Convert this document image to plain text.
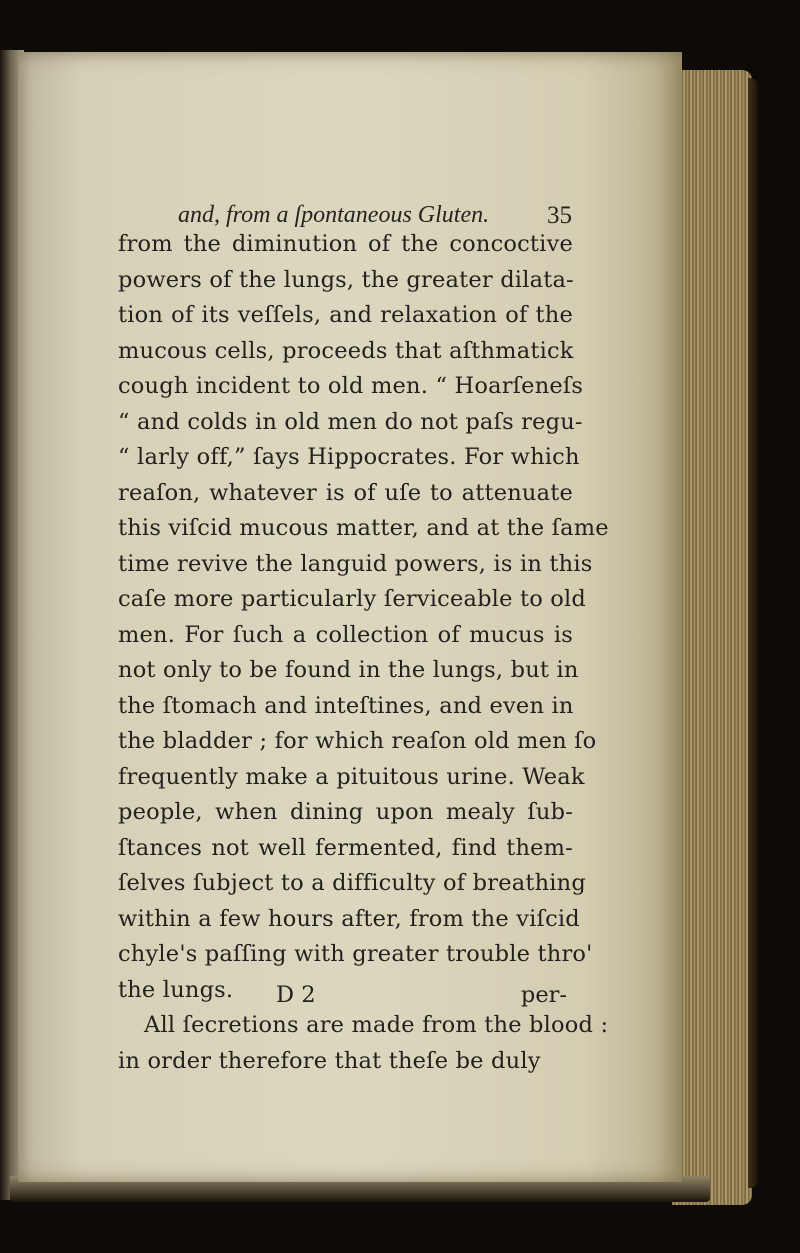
and, from a ſpontaneous Gluten. 35
from the diminution of the concoctive
powers of the lungs, the greater dilata-
tion of its veſſels, and relaxation of the
mucous cells, proceeds that aſthmatick
cough incident to old men. “ Hoarſeneſs
“ and colds in old men do not paſs regu-
“ larly off,” ſays Hippocrates. For which
reaſon, whatever is of uſe to attenuate
this viſcid mucous matter, and at the ſame
time revive the languid powers, is in this
caſe more particularly ſerviceable to old
men. For ſuch a collection of mucus is
not only to be found in the lungs, but in
the ſtomach and inteſtines, and even in
the bladder ; for which reaſon old men ſo
frequently make a pituitous urine. Weak
people, when dining upon mealy ſub-
ſtances not well fermented, find them-
ſelves ſubject to a difficulty of breathing
within a few hours after, from the viſcid
chyle's paſſing with greater trouble thro'
the lungs.
All ſecretions are made from the blood :
in order therefore that theſe be duly
D 2	per-
